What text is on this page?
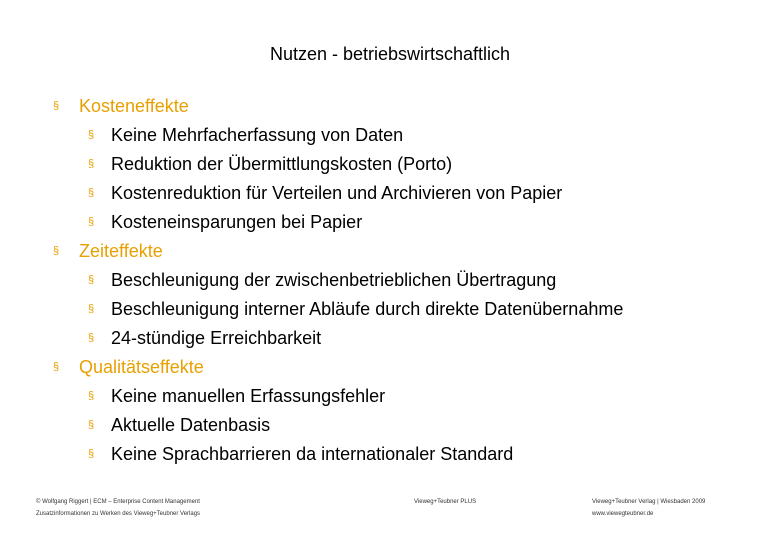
Nutzen - betriebswirtschaftlich
§ Kosteneffekte
§ Keine Mehrfacherfassung von Daten
§ Reduktion der Übermittlungskosten (Porto)
§ Kostenreduktion für Verteilen und Archivieren von Papier
§ Kosteneinsparungen bei Papier
§ Zeiteffekte
§ Beschleunigung der zwischenbetrieblichen Übertragung
§ Beschleunigung interner Abläufe durch direkte Datenübernahme
§ 24-stündige Erreichbarkeit
§ Qualitätseffekte
§ Keine manuellen Erfassungsfehler
§ Aktuelle Datenbasis
§ Keine Sprachbarrieren da internationaler Standard
© Wolfgang Riggert | ECM – Enterprise Content Management
Zusatzinformationen zu Werken des Vieweg+Teubner Verlags
Vieweg+Teubner PLUS	Vieweg+Teubner Verlag | Wiesbaden 2009
www.viewegteubner.de
